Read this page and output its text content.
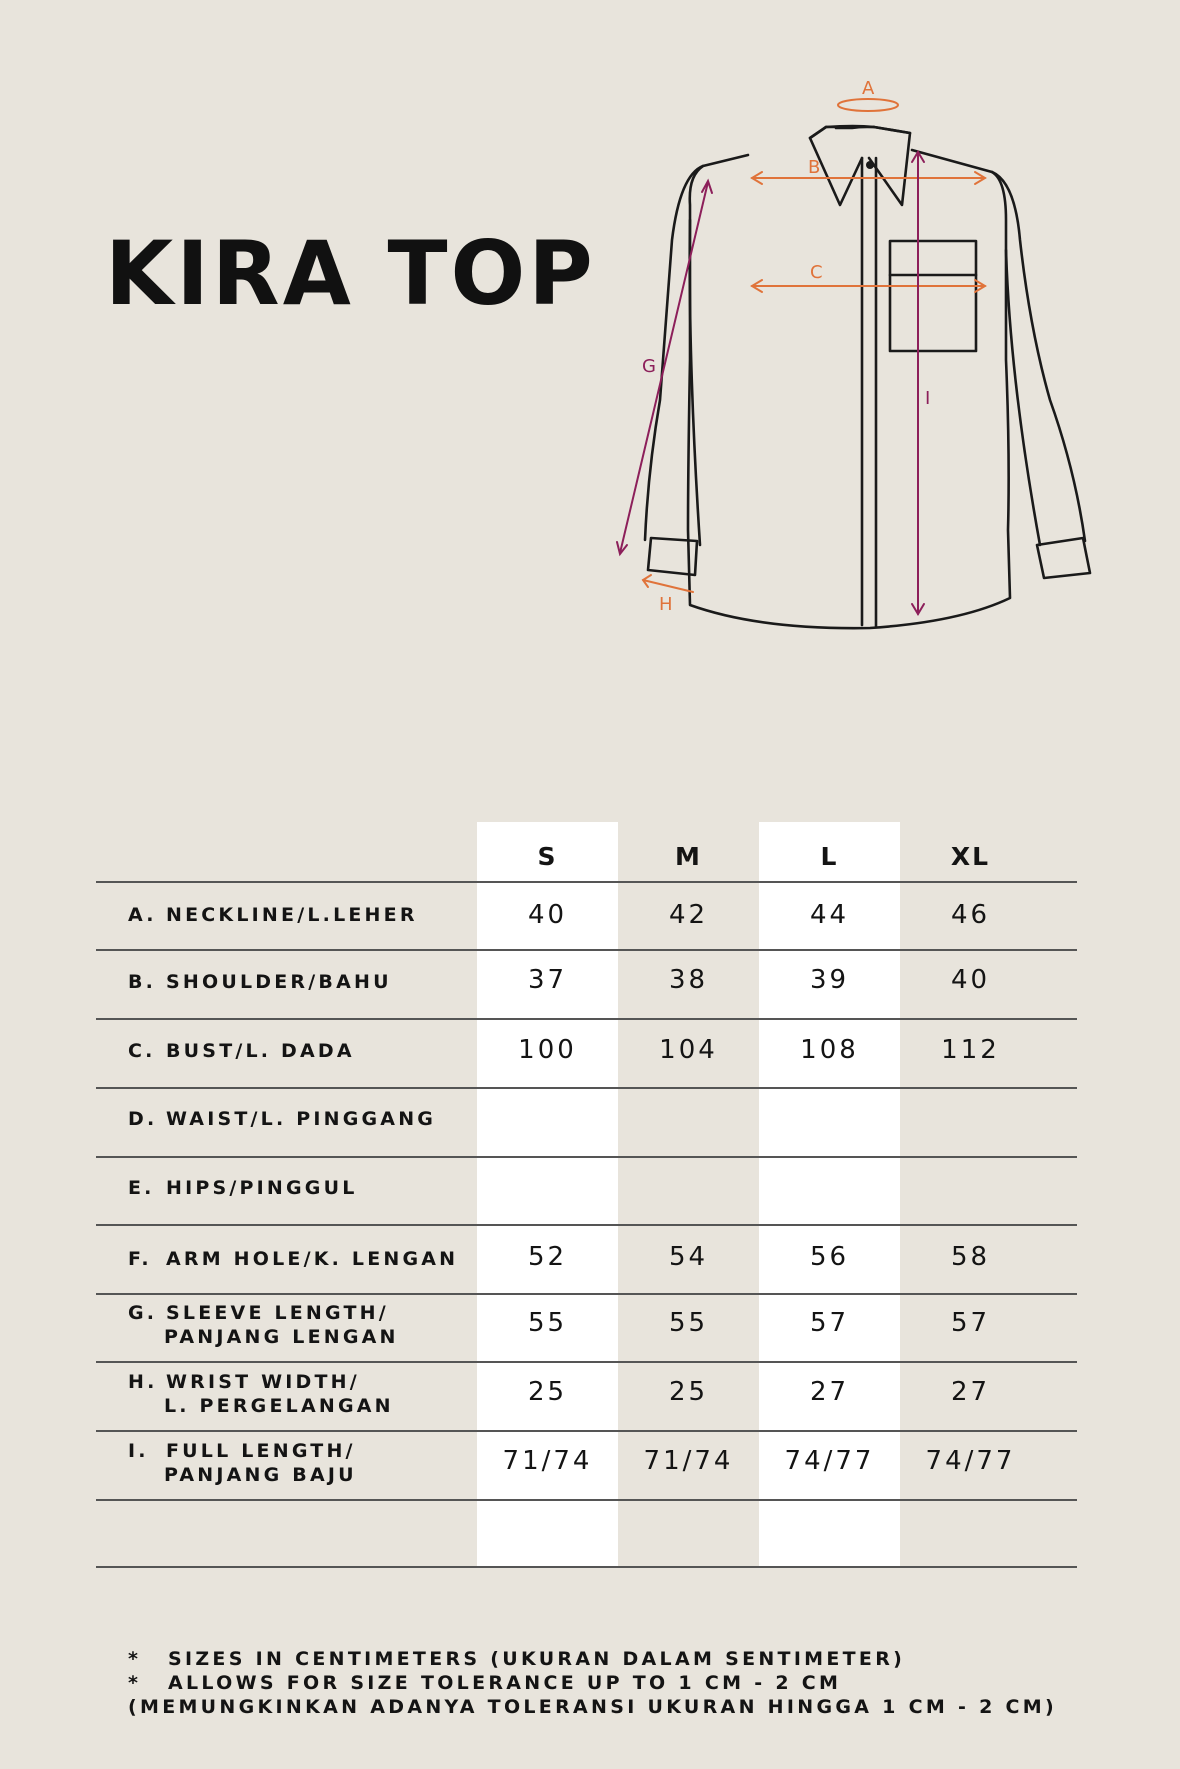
KIRA TOP
A
B
C
G
H
I
S	M	L	XL
A. NECKLINE/L.LEHER	40	42	44	46
B. SHOULDER/BAHU	37	38	39	40
C. BUST/L. DADA	100	104	108	112
D. WAIST/L. PINGGANG
E. HIPS/PINGGUL
F. ARM HOLE/K. LENGAN	52	54	56	58
G. SLEEVE LENGTH/
PANJANG LENGAN	55	55	57	57
H. WRIST WIDTH/
L. PERGELANGAN	25	25	27	27
I. FULL LENGTH/
PANJANG BAJU	71/74	71/74	74/77	74/77
*	SIZES IN CENTIMETERS (UKURAN DALAM SENTIMETER)
*	ALLOWS FOR SIZE TOLERANCE UP TO 1 CM - 2 CM
(MEMUNGKINKAN ADANYA TOLERANSI UKURAN HINGGA 1 CM - 2 CM)
